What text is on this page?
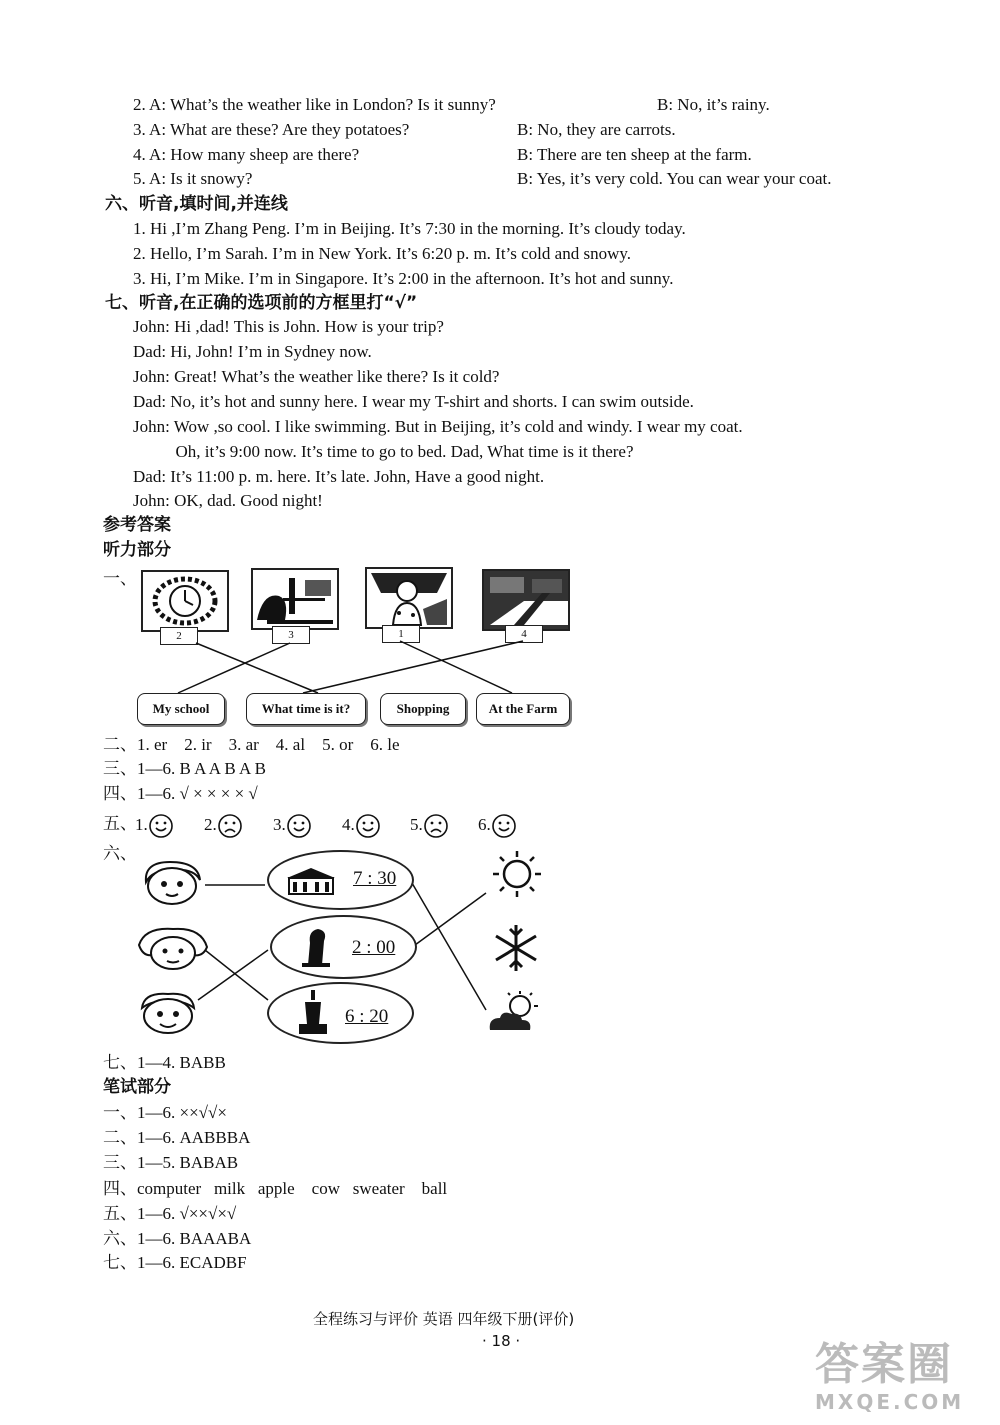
2. A: What’s the weather like in London? Is it sunny?	B: No, it’s rainy.
3. A: What are these? Are they potatoes?	B: No, they are carrots.
4. A: How many sheep are there?	B: There are ten sheep at the farm.
5. A: Is it snowy?	B: Yes, it’s very cold. You can wear your coat.
六、听音,填时间,并连线
1. Hi ,I’m Zhang Peng. I’m in Beijing. It’s 7:30 in the morning. It’s cloudy today.
2. Hello, I’m Sarah. I’m in New York. It’s 6:20 p. m. It’s cold and snowy.
3. Hi, I’m Mike. I’m in Singapore. It’s 2:00 in the afternoon. It’s hot and sunny.
七、听音,在正确的选项前的方框里打“√”
John: Hi ,dad! This is John. How is your trip?
Dad: Hi, John! I’m in Sydney now.
John: Great! What’s the weather like there? Is it cold?
Dad: No, it’s hot and sunny here. I wear my T-shirt and shorts. I can swim outside.
John: Wow ,so cool. I like swimming. But in Beijing, it’s cold and windy. I wear my coat.
Oh, it’s 9:00 now. It’s time to go to bed. Dad, What time is it there?
Dad: It’s 11:00 p. m. here. It’s late. John, Have a good night.
John: OK, dad. Good night!
参考答案
听力部分
一、
2	3	1	4
My school	What time is it?	Shopping	At the Farm
二、1. er    2. ir    3. ar    4. al    5. or    6. le
三、1—6. B A A B A B
四、1—6. √ × × × × √
五、
1.	2.	3.	4.	5.	6.
六、
7 : 30
2 : 00
6 : 20
七、1—4. BABB
笔试部分
一、1—6. ××√√×
二、1—6. AABBBA
三、1—5. BABAB
四、computer   milk   apple    cow   sweater    ball
五、1—6. √××√×√
六、1—6. BAAABA
七、1—6. ECADBF
全程练习与评价 英语 四年级下册(评价)
· 18 ·	答案圈
MXQE.COM
